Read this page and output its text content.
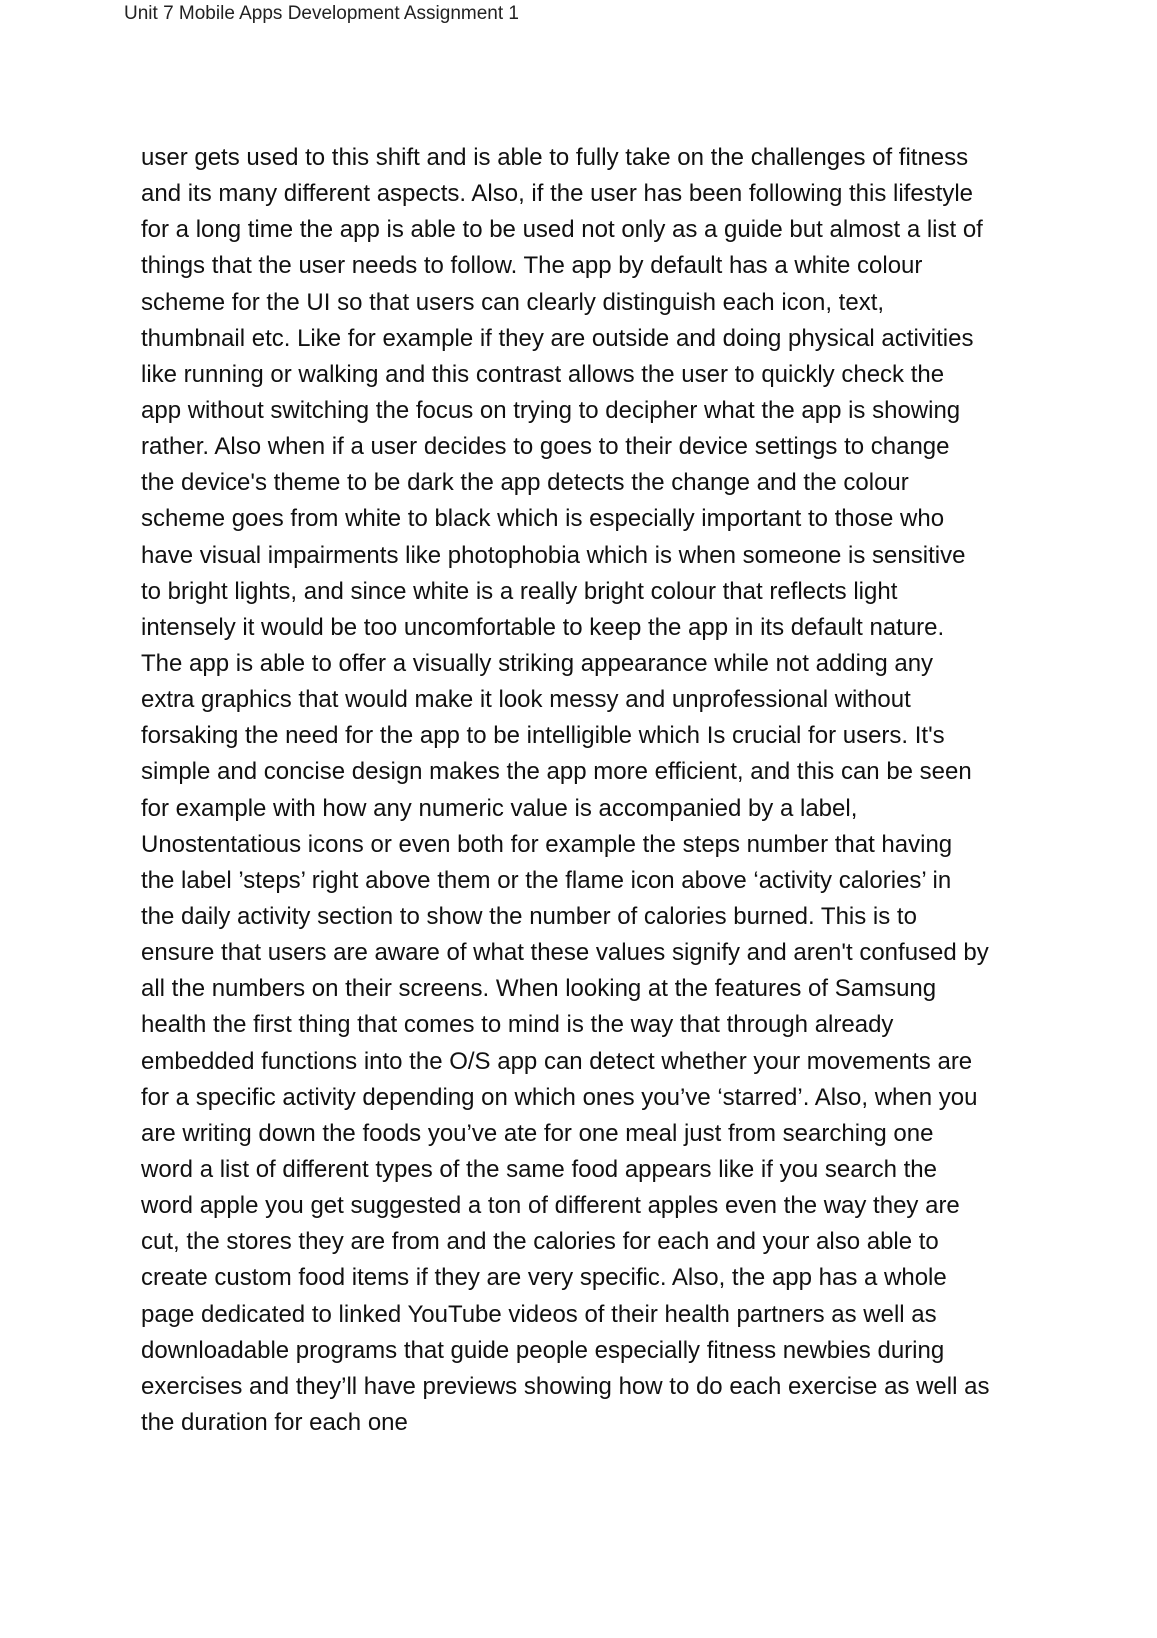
Unit 7 Mobile Apps Development Assignment 1
user gets used to this shift and is able to fully take on the challenges of fitness
and its many different aspects. Also, if the user has been following this lifestyle
for a long time the app is able to be used not only as a guide but almost a list of
things that the user needs to follow. The app by default has a white colour
scheme for the UI so that users can clearly distinguish each icon, text,
thumbnail etc. Like for example if they are outside and doing physical activities
like running or walking and this contrast allows the user to quickly check the
app without switching the focus on trying to decipher what the app is showing
rather. Also when if a user decides to goes to their device settings to change
the device's theme to be dark the app detects the change and the colour
scheme goes from white to black which is especially important to those who
have visual impairments like photophobia which is when someone is sensitive
to bright lights, and since white is a really bright colour that reflects light
intensely it would be too uncomfortable to keep the app in its default nature.
The app is able to offer a visually striking appearance while not adding any
extra graphics that would make it look messy and unprofessional without
forsaking the need for the app to be intelligible which Is crucial for users. It's
simple and concise design makes the app more efficient, and this can be seen
for example with how any numeric value is accompanied by a label,
Unostentatious icons or even both for example the steps number that having
the label ’steps’ right above them or the flame icon above ‘activity calories’ in
the daily activity section to show the number of calories burned. This is to
ensure that users are aware of what these values signify and aren't confused by
all the numbers on their screens. When looking at the features of Samsung
health the first thing that comes to mind is the way that through already
embedded functions into the O/S app can detect whether your movements are
for a specific activity depending on which ones you’ve ‘starred’. Also, when you
are writing down the foods you’ve ate for one meal just from searching one
word a list of different types of the same food appears like if you search the
word apple you get suggested a ton of different apples even the way they are
cut, the stores they are from and the calories for each and your also able to
create custom food items if they are very specific. Also, the app has a whole
page dedicated to linked YouTube videos of their health partners as well as
downloadable programs that guide people especially fitness newbies during
exercises and they’ll have previews showing how to do each exercise as well as
the duration for each one
